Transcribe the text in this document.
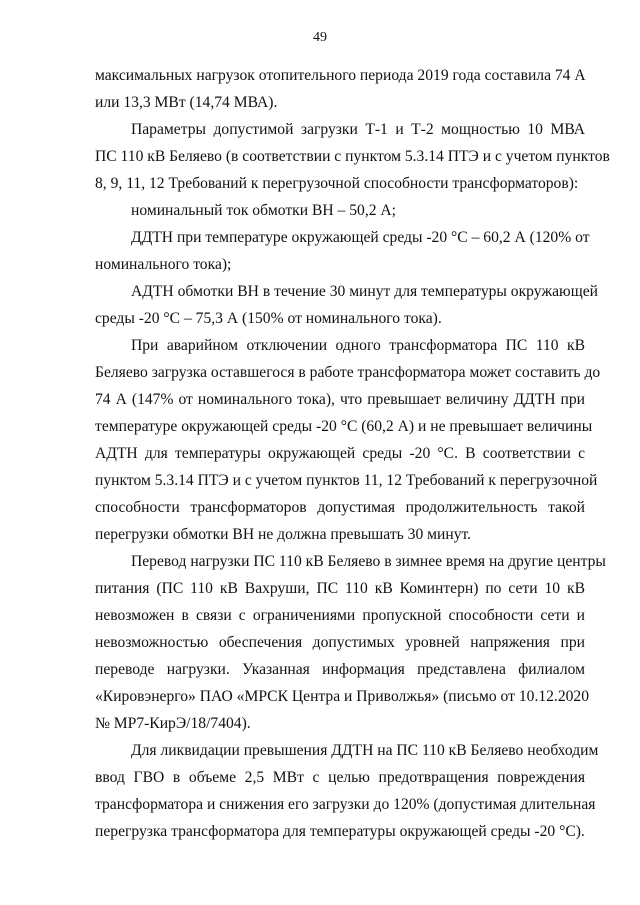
49
максимальных нагрузок отопительного периода 2019 года составила 74 А
или 13,3 МВт (14,74 МВА).
Параметры допустимой загрузки Т-1 и Т-2 мощностью 10 МВА
ПС 110 кВ Беляево (в соответствии с пунктом 5.3.14 ПТЭ и с учетом пунктов
8, 9, 11, 12 Требований к перегрузочной способности трансформаторов):
номинальный ток обмотки ВН – 50,2 А;
ДДТН при температуре окружающей среды -20 °С – 60,2 А (120% от
номинального тока);
АДТН обмотки ВН в течение 30 минут для температуры окружающей
среды -20 °С – 75,3 А (150% от номинального тока).
При аварийном отключении одного трансформатора ПС 110 кВ
Беляево загрузка оставшегося в работе трансформатора может составить до
74 А (147% от номинального тока), что превышает величину ДДТН при
температуре окружающей среды -20 °С (60,2 А) и не превышает величины
АДТН для температуры окружающей среды -20 °С. В соответствии с
пунктом 5.3.14 ПТЭ и с учетом пунктов 11, 12 Требований к перегрузочной
способности трансформаторов допустимая продолжительность такой
перегрузки обмотки ВН не должна превышать 30 минут.
Перевод нагрузки ПС 110 кВ Беляево в зимнее время на другие центры
питания (ПС 110 кВ Вахруши, ПС 110 кВ Коминтерн) по сети 10 кВ
невозможен в связи с ограничениями пропускной способности сети и
невозможностью обеспечения допустимых уровней напряжения при
переводе нагрузки. Указанная информация представлена филиалом
«Кировэнерго» ПАО «МРСК Центра и Приволжья» (письмо от 10.12.2020
№ МР7-КирЭ/18/7404).
Для ликвидации превышения ДДТН на ПС 110 кВ Беляево необходим
ввод ГВО в объеме 2,5 МВт с целью предотвращения повреждения
трансформатора и снижения его загрузки до 120% (допустимая длительная
перегрузка трансформатора для температуры окружающей среды -20 °С).
